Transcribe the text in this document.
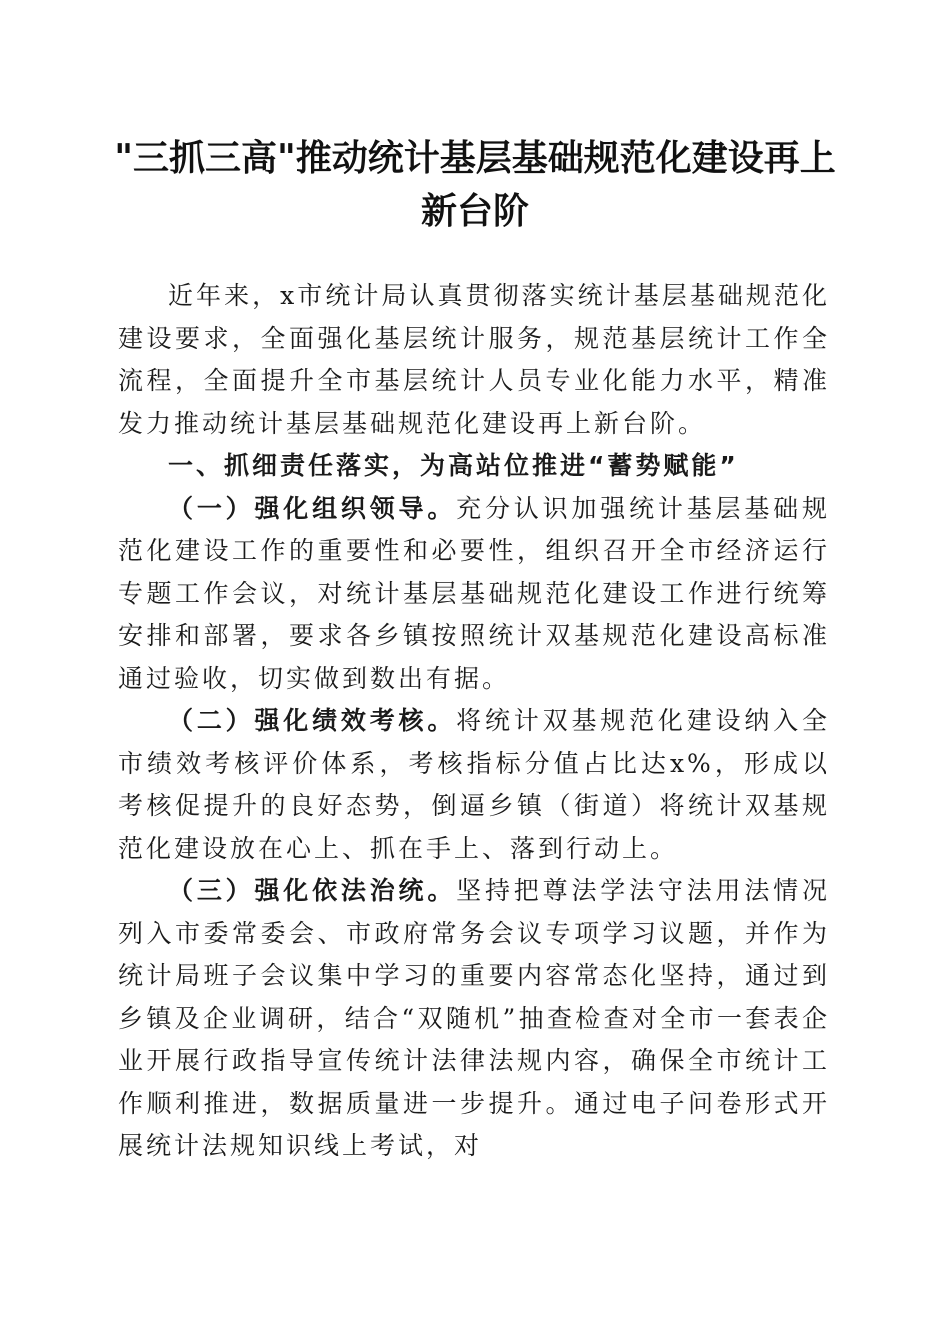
"三抓三高"推动统计基层基础规范化建设再上新台阶

近年来，x市统计局认真贯彻落实统计基层基础规范化建设要求，全面强化基层统计服务，规范基层统计工作全流程，全面提升全市基层统计人员专业化能力水平，精准发力推动统计基层基础规范化建设再上新台阶。

一、抓细责任落实，为高站位推进“蓄势赋能”

（一）强化组织领导。充分认识加强统计基层基础规范化建设工作的重要性和必要性，组织召开全市经济运行专题工作会议，对统计基层基础规范化建设工作进行统筹安排和部署，要求各乡镇按照统计双基规范化建设高标准通过验收，切实做到数出有据。

（二）强化绩效考核。将统计双基规范化建设纳入全市绩效考核评价体系，考核指标分值占比达x%，形成以考核促提升的良好态势，倒逼乡镇（街道）将统计双基规范化建设放在心上、抓在手上、落到行动上。

（三）强化依法治统。坚持把尊法学法守法用法情况列入市委常委会、市政府常务会议专项学习议题，并作为统计局班子会议集中学习的重要内容常态化坚持，通过到乡镇及企业调研，结合“双随机”抽查检查对全市一套表企业开展行政指导宣传统计法律法规内容，确保全市统计工作顺利推进，数据质量进一步提升。通过电子问卷形式开展统计法规知识线上考试，对
